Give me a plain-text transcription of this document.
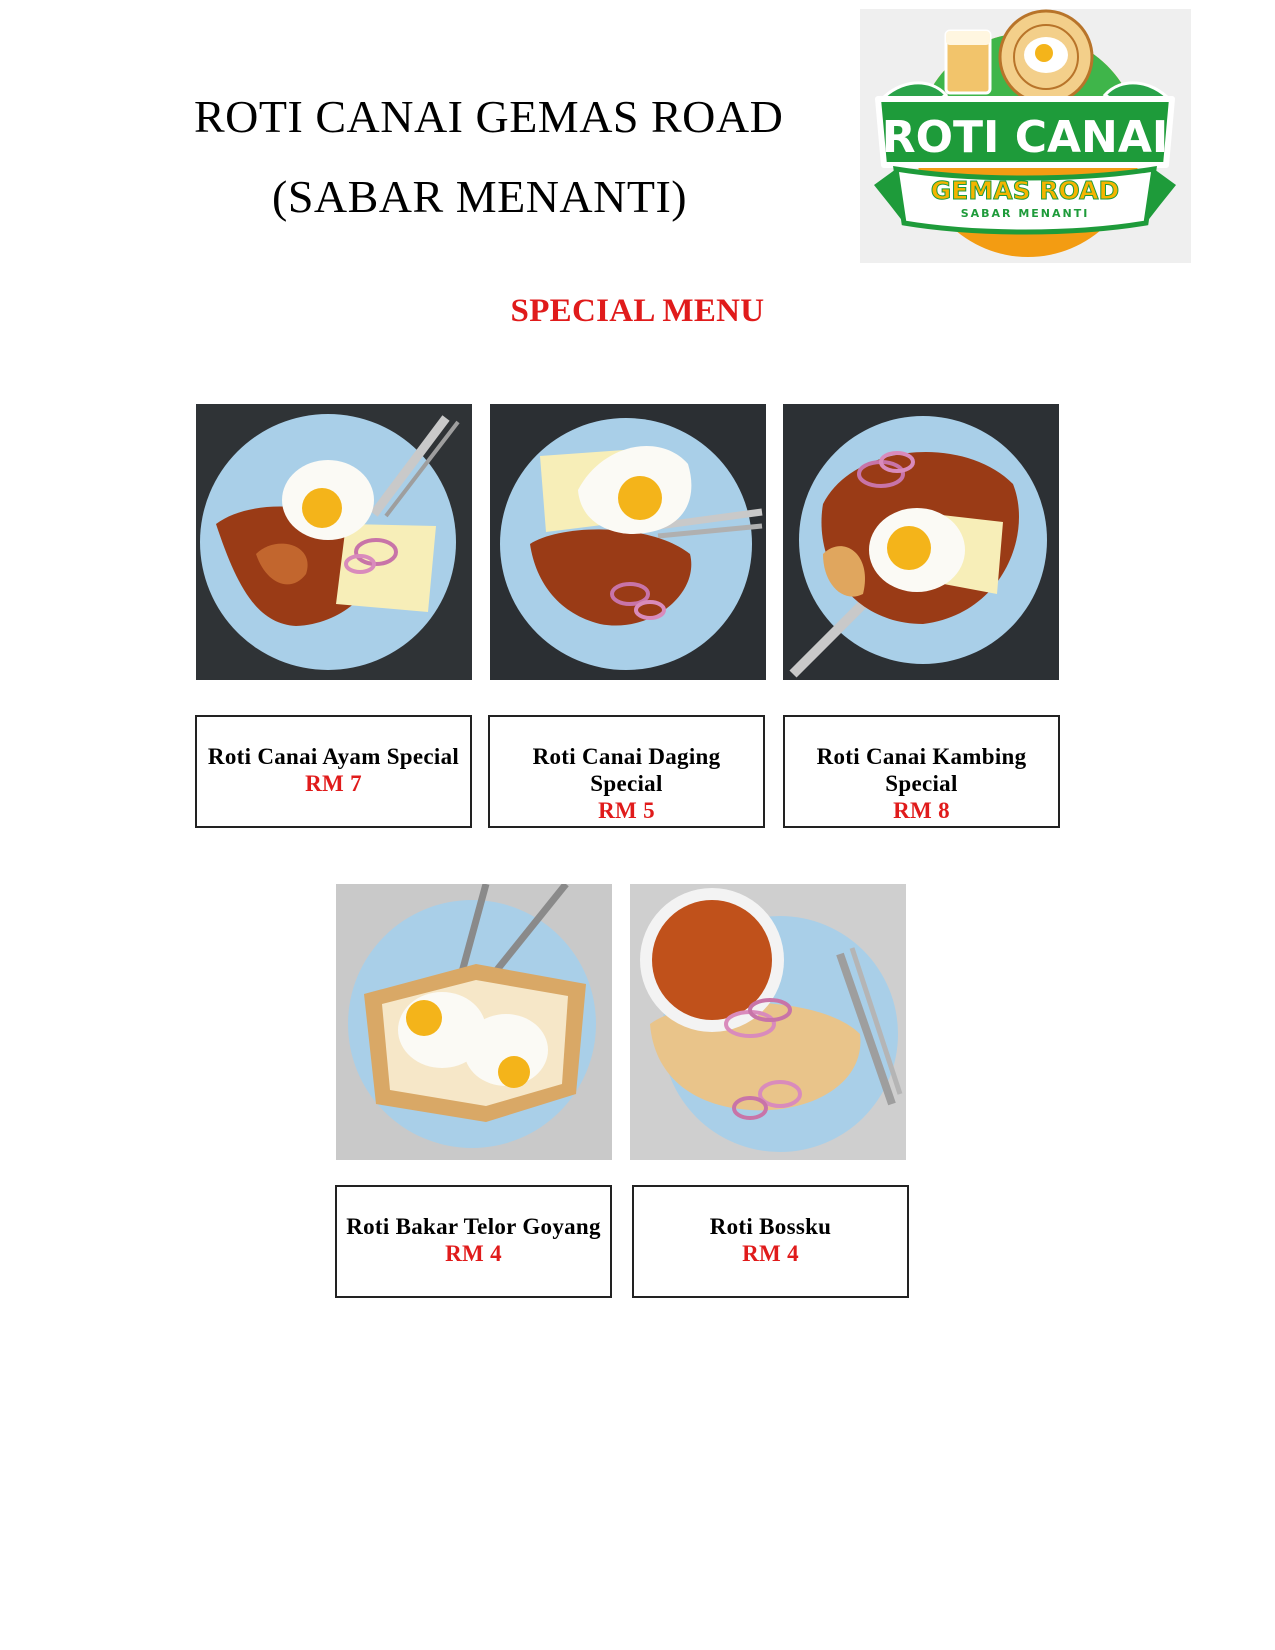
ROTI CANAI GEMAS ROAD
(SABAR MENANTI)
ROTI CANAI
GEMAS ROAD
SABAR MENANTI
SPECIAL MENU
Roti Canai Ayam Special
RM 7
Roti Canai Daging Special
RM 5
Roti Canai Kambing Special
RM 8
Roti Bakar Telor Goyang
RM 4
Roti Bossku
RM 4
